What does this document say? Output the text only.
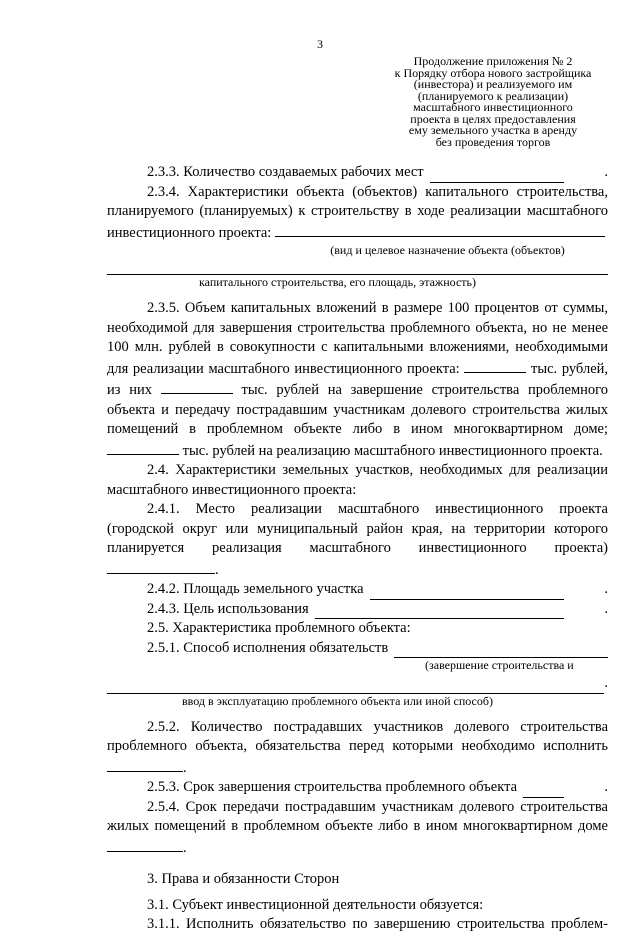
3
Продолжение приложения № 2
к Порядку отбора нового застройщика
(инвестора) и реализуемого им
(планируемого к реализации)
масштабного инвестиционного
проекта в целях предоставления
ему земельного участка в аренду
без проведения торгов
2.3.3. Количество создаваемых рабочих мест	.

2.3.4. Характеристики объекта (объектов) капитального строительства, планируемого (планируемых) к строительству в ходе реализации масштабного инвестиционного проекта:

(вид и целевое назначение объекта (объектов)

капитального строительства, его площадь, этажность)

2.3.5. Объем капитальных вложений в размере 100 процентов от суммы, необходимой для завершения строительства проблемного объекта, но не менее 100 млн. рублей в совокупности с капитальными вложениями, необходимыми для реализации масштабного инвестиционного проекта:	тыс. рублей, из них	тыс. рублей на завершение строительства проблемного объекта и передачу пострадавшим участникам долевого строительства жилых помещений в проблемном объекте либо в ином многоквартирном доме;  тыс. рублей на реализацию масштабного инвестиционного проекта.

2.4. Характеристики земельных участков, необходимых для реализации масштабного инвестиционного проекта:

2.4.1. Место реализации масштабного инвестиционного проекта (городской округ или муниципальный район края, на территории которого планируется реализация масштабного инвестиционного проекта) .

2.4.2. Площадь земельного участка	.
2.4.3. Цель использования	.

2.5. Характеристика проблемного объекта:

2.5.1. Способ исполнения обязательств

(завершение строительства и

.

ввод в эксплуатацию проблемного объекта или иной способ)

2.5.2. Количество пострадавших участников долевого строительства проблемного объекта, обязательства перед которыми необходимо исполнить .

2.5.3. Срок завершения строительства проблемного объекта	.

2.5.4. Срок передачи пострадавшим участникам долевого строительства жилых помещений в проблемном объекте либо в ином многоквартирном доме .

3. Права и обязанности Сторон

3.1. Субъект инвестиционной деятельности обязуется:

3.1.1. Исполнить обязательство по завершению строительства проблем-
